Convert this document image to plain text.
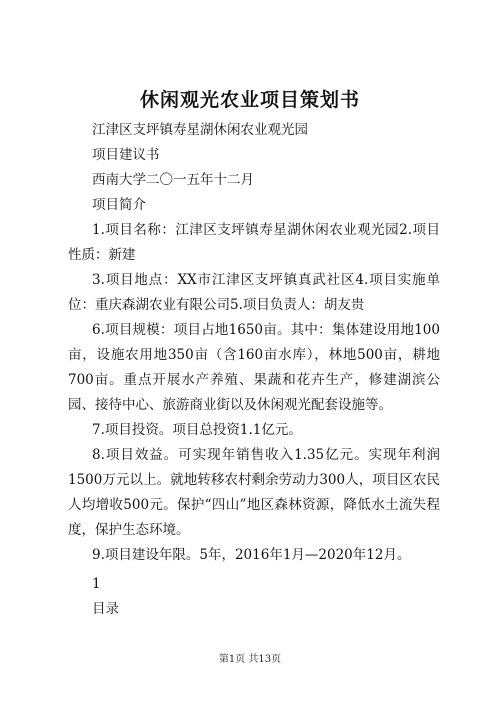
休闲观光农业项目策划书
江津区支坪镇寿星湖休闲农业观光园
项目建议书
西南大学二〇一五年十二月
项目简介
1.项目名称：江津区支坪镇寿星湖休闲农业观光园2.项目性质：新建
3.项目地点：XX市江津区支坪镇真武社区4.项目实施单位：重庆森湖农业有限公司5.项目负责人：胡友贵
6.项目规模：项目占地1650亩。其中：集体建设用地100亩，设施农用地350亩（含160亩水库），林地500亩，耕地700亩。重点开展水产养殖、果蔬和花卉生产，修建湖滨公园、接待中心、旅游商业街以及休闲观光配套设施等。
7.项目投资。项目总投资1.1亿元。
8.项目效益。可实现年销售收入1.35亿元。实现年利润1500万元以上。就地转移农村剩余劳动力300人，项目区农民人均增收500元。保护“四山”地区森林资源，降低水土流失程度，保护生态环境。
9.项目建设年限。5年，2016年1月—2020年12月。
1
目录
第1页 共13页
